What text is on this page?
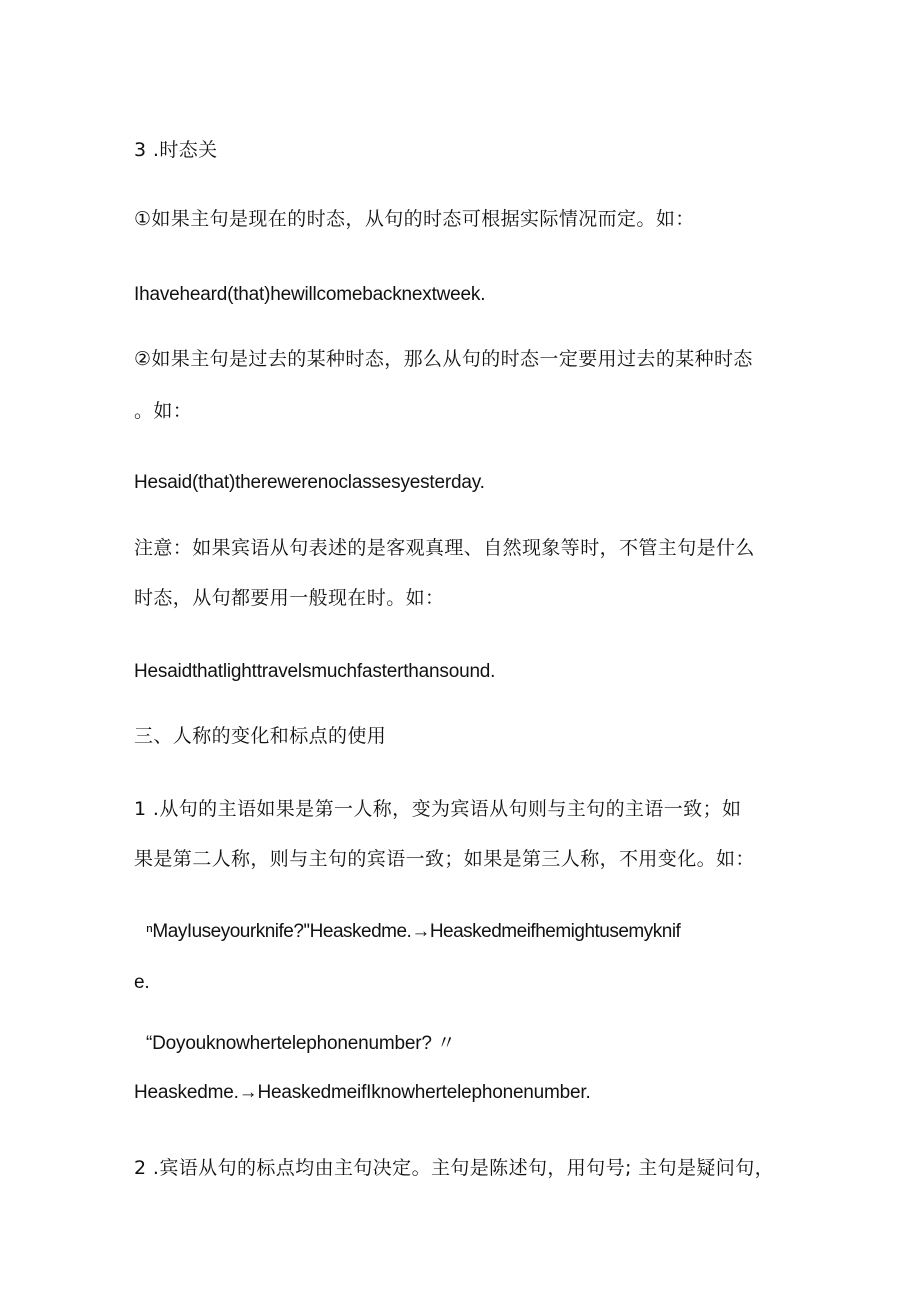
3 .时态关
①如果主句是现在的时态，从句的时态可根据实际情况而定。如：
Ihaveheard(that)hewillcomebacknextweek.
②如果主句是过去的某种时态，那么从句的时态一定要用过去的某种时态
。如：
Hesaid(that)therewerenoclassesyesterday.
注意：如果宾语从句表述的是客观真理、自然现象等时，不管主句是什么
时态，从句都要用一般现在时。如：
Hesaidthatlighttravelsmuchfasterthansound.
三、人称的变化和标点的使用
1 .从句的主语如果是第一人称，变为宾语从句则与主句的主语一致；如
果是第二人称，则与主句的宾语一致；如果是第三人称，不用变化。如：
ⁿMayIuseyourknife?''Heaskedme.→Heaskedmeifhemightusemyknif
e.
“Doyouknowhertelephonenumber? 〃
Heaskedme.→HeaskedmeifIknowhertelephonenumber.
2 .宾语从句的标点均由主句决定。主句是陈述句，用句号; 主句是疑问句，
